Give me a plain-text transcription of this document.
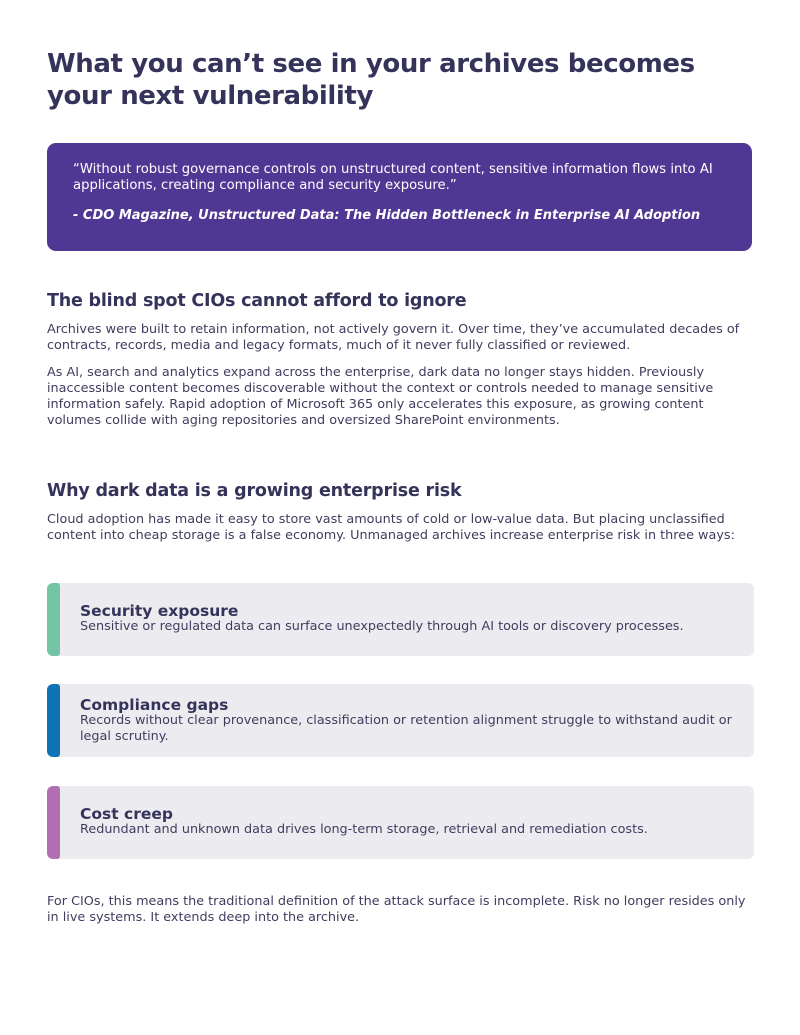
What you can’t see in your archives becomes your next vulnerability

“Without robust governance controls on unstructured content, sensitive information flows into AI applications, creating compliance and security exposure.”

- CDO Magazine, Unstructured Data: The Hidden Bottleneck in Enterprise AI Adoption

The blind spot CIOs cannot afford to ignore

Archives were built to retain information, not actively govern it. Over time, they’ve accumulated decades of contracts, records, media and legacy formats, much of it never fully classified or reviewed.

As AI, search and analytics expand across the enterprise, dark data no longer stays hidden. Previously inaccessible content becomes discoverable without the context or controls needed to manage sensitive information safely. Rapid adoption of Microsoft 365 only accelerates this exposure, as growing content volumes collide with aging repositories and oversized SharePoint environments.

Why dark data is a growing enterprise risk

Cloud adoption has made it easy to store vast amounts of cold or low-value data. But placing unclassified content into cheap storage is a false economy. Unmanaged archives increase enterprise risk in three ways:

Security exposure

Sensitive or regulated data can surface unexpectedly through AI tools or discovery processes.

Compliance gaps

Records without clear provenance, classification or retention alignment struggle to withstand audit or legal scrutiny.

Cost creep

Redundant and unknown data drives long-term storage, retrieval and remediation costs.

For CIOs, this means the traditional definition of the attack surface is incomplete. Risk no longer resides only in live systems. It extends deep into the archive.
